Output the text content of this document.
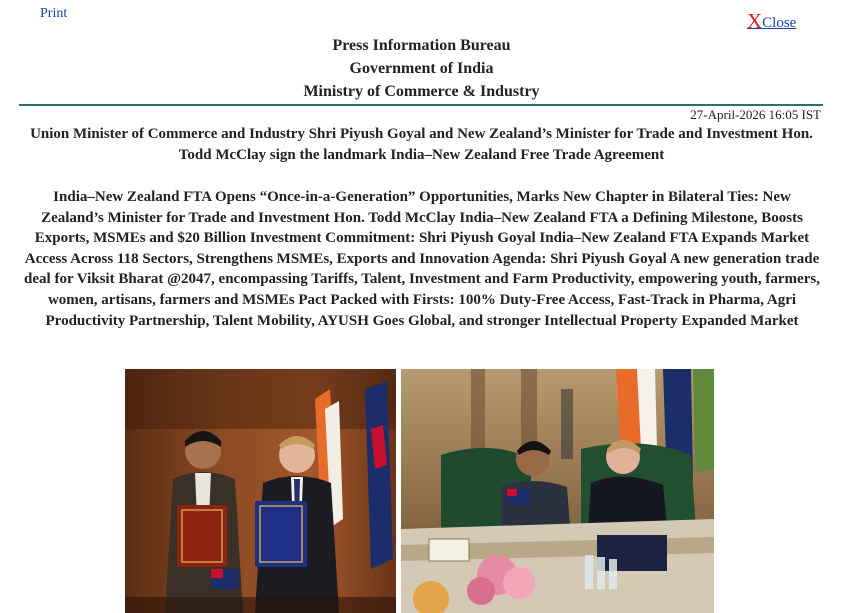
Print	XClose
Press Information Bureau
Government of India
Ministry of Commerce & Industry
27-April-2026 16:05 IST
Union Minister of Commerce and Industry Shri Piyush Goyal and New Zealand’s Minister for Trade and Investment Hon. Todd McClay sign the landmark India–New Zealand Free Trade Agreement
India–New Zealand FTA Opens “Once-in-a-Generation” Opportunities, Marks New Chapter in Bilateral Ties: New Zealand’s Minister for Trade and Investment Hon. Todd McClay India–New Zealand FTA a Defining Milestone, Boosts Exports, MSMEs and $20 Billion Investment Commitment: Shri Piyush Goyal India–New Zealand FTA Expands Market Access Across 118 Sectors, Strengthens MSMEs, Exports and Innovation Agenda: Shri Piyush Goyal A new generation trade deal for Viksit Bharat @2047, encompassing Tariffs, Talent, Investment and Farm Productivity, empowering youth, farmers, women, artisans, farmers and MSMEs Pact Packed with Firsts: 100% Duty-Free Access, Fast-Track in Pharma, Agri Productivity Partnership, Talent Mobility, AYUSH Goes Global, and stronger Intellectual Property Expanded Market
